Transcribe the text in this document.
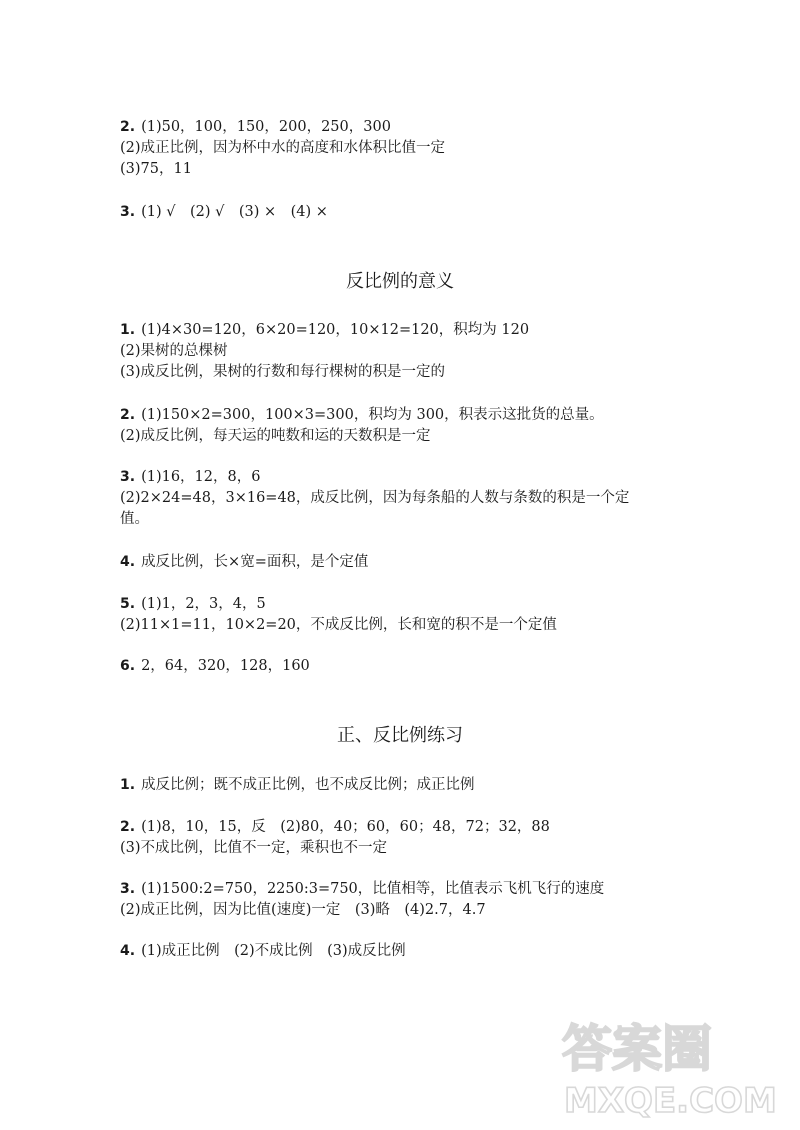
2. (1)50，100，150，200，250，300
(2)成正比例，因为杯中水的高度和水体积比值一定
(3)75，11
3. (1) √　(2) √　(3) ×　(4) ×
反比例的意义
1. (1)4×30=120，6×20=120，10×12=120，积均为 120
(2)果树的总棵树
(3)成反比例，果树的行数和每行棵树的积是一定的
2. (1)150×2=300，100×3=300，积均为 300，积表示这批货的总量。
(2)成反比例，每天运的吨数和运的天数积是一定
3. (1)16，12，8，6
(2)2×24=48，3×16=48，成反比例，因为每条船的人数与条数的积是一个定
值。
4. 成反比例，长×宽=面积，是个定值
5. (1)1，2，3，4，5
(2)11×1=11，10×2=20，不成反比例，长和宽的积不是一个定值
6. 2，64，320，128，160
正、反比例练习
1. 成反比例；既不成正比例，也不成反比例；成正比例
2. (1)8，10，15，反　(2)80，40；60，60；48，72；32，88
(3)不成比例，比值不一定，乘积也不一定
3. (1)1500:2=750，2250:3=750，比值相等，比值表示飞机飞行的速度
(2)成正比例，因为比值(速度)一定　(3)略　(4)2.7，4.7
4. (1)成正比例　(2)不成比例　(3)成反比例
答案圈
MXQE.COM
